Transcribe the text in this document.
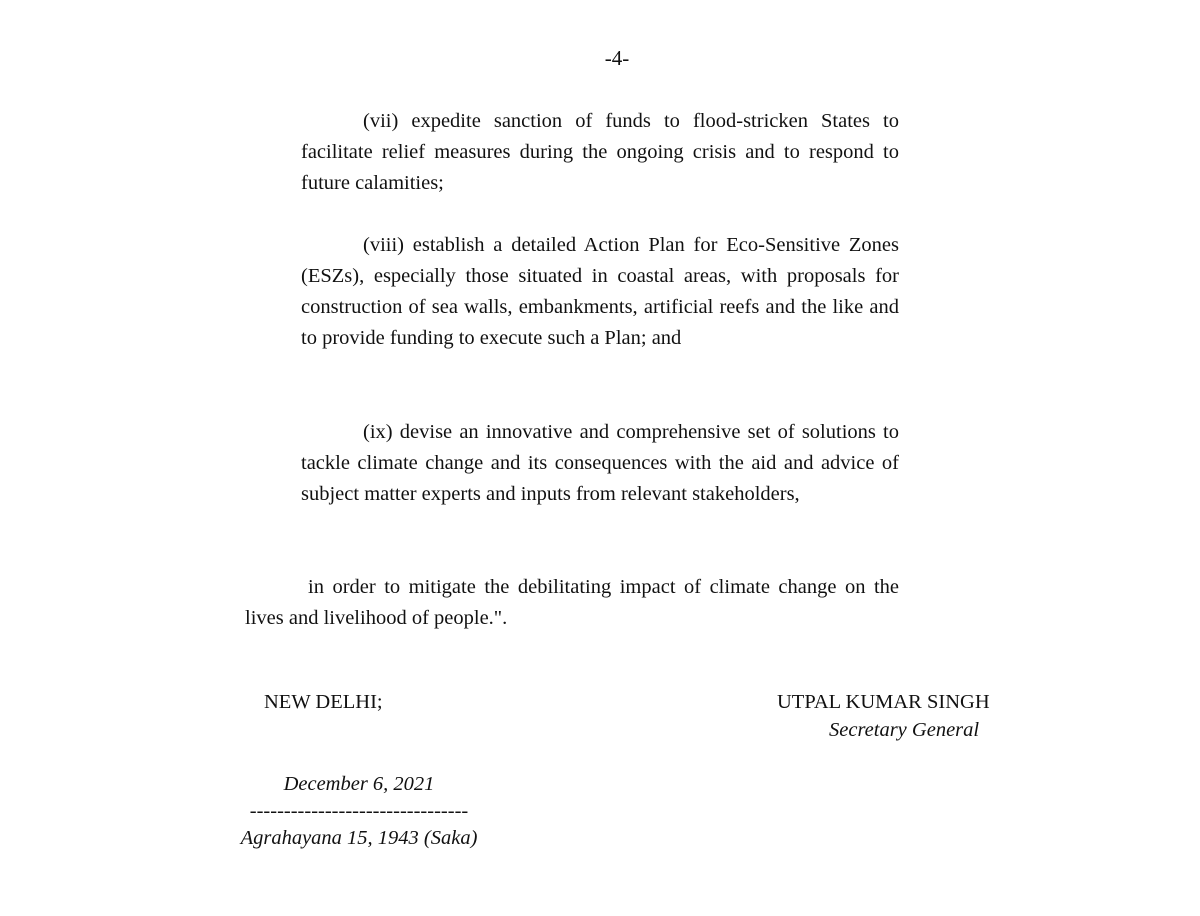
-4-
(vii) expedite sanction of funds to flood-stricken States to facilitate relief measures during the ongoing crisis and to respond to future calamities;
(viii) establish a detailed Action Plan for Eco-Sensitive Zones (ESZs), especially those situated in coastal areas, with proposals for construction of sea walls, embankments, artificial reefs and the like and to provide funding to execute such a Plan; and
(ix) devise an innovative and comprehensive set of solutions to tackle climate change and its consequences with the aid and advice of subject matter experts and inputs from relevant stakeholders,
in order to mitigate the debilitating impact of climate change on the lives and livelihood of people.".
NEW DELHI;	UTPAL KUMAR SINGH
Secretary General
December 6, 2021
--------------------------------
Agrahayana 15, 1943 (Saka)
